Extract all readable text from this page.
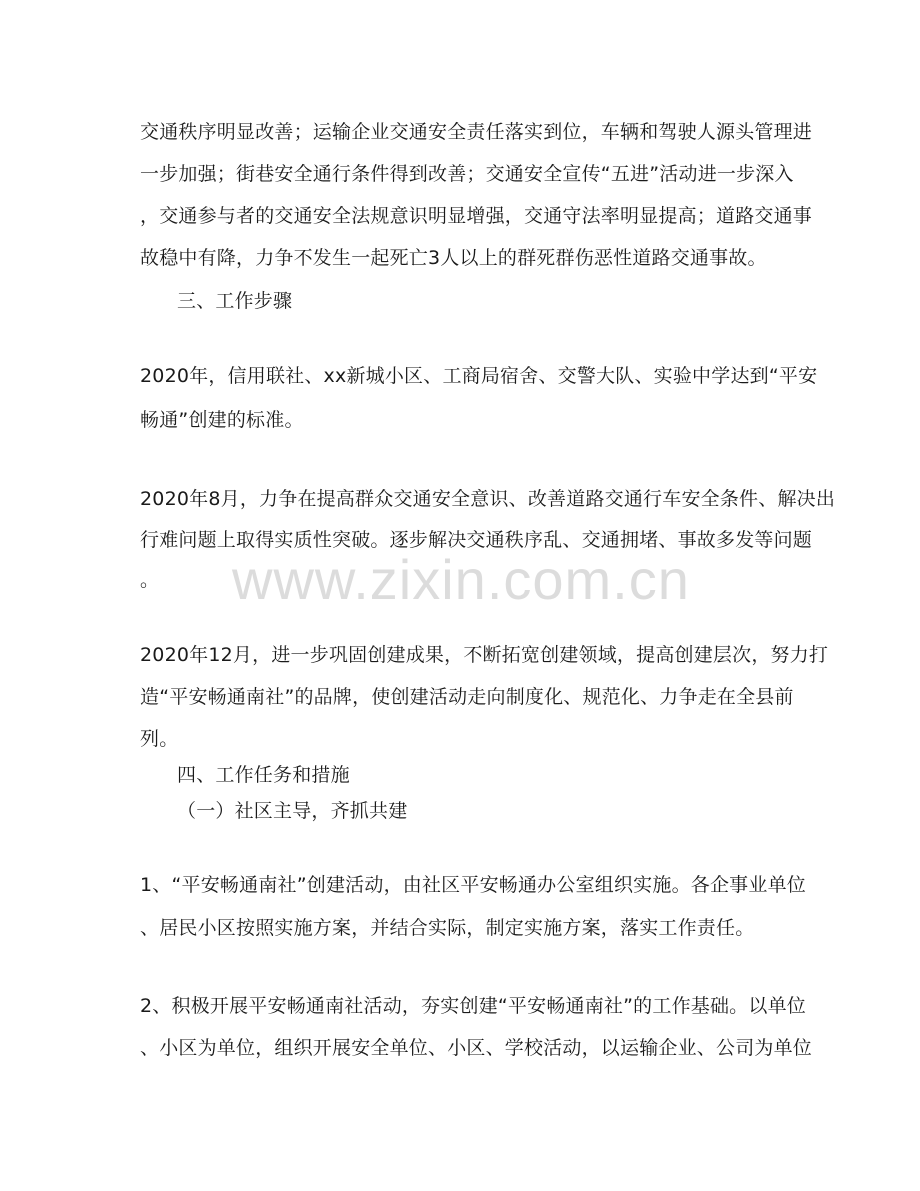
交通秩序明显改善；运输企业交通安全责任落实到位，车辆和驾驶人源头管理进
一步加强；街巷安全通行条件得到改善；交通安全宣传“五进”活动进一步深入
，交通参与者的交通安全法规意识明显增强，交通守法率明显提高；道路交通事
故稳中有降，力争不发生一起死亡3人以上的群死群伤恶性道路交通事故。
三、工作步骤
2020年，信用联社、xx新城小区、工商局宿舍、交警大队、实验中学达到“平安
畅通”创建的标准。
2020年8月，力争在提高群众交通安全意识、改善道路交通行车安全条件、解决出
行难问题上取得实质性突破。逐步解决交通秩序乱、交通拥堵、事故多发等问题
。
2020年12月，进一步巩固创建成果，不断拓宽创建领域，提高创建层次，努力打
造“平安畅通南社”的品牌，使创建活动走向制度化、规范化、力争走在全县前
列。
四、工作任务和措施
（一）社区主导，齐抓共建
1、“平安畅通南社”创建活动，由社区平安畅通办公室组织实施。各企事业单位
、居民小区按照实施方案，并结合实际，制定实施方案，落实工作责任。
2、积极开展平安畅通南社活动，夯实创建“平安畅通南社”的工作基础。以单位
、小区为单位，组织开展安全单位、小区、学校活动，以运输企业、公司为单位
www.zixin.com.cn
